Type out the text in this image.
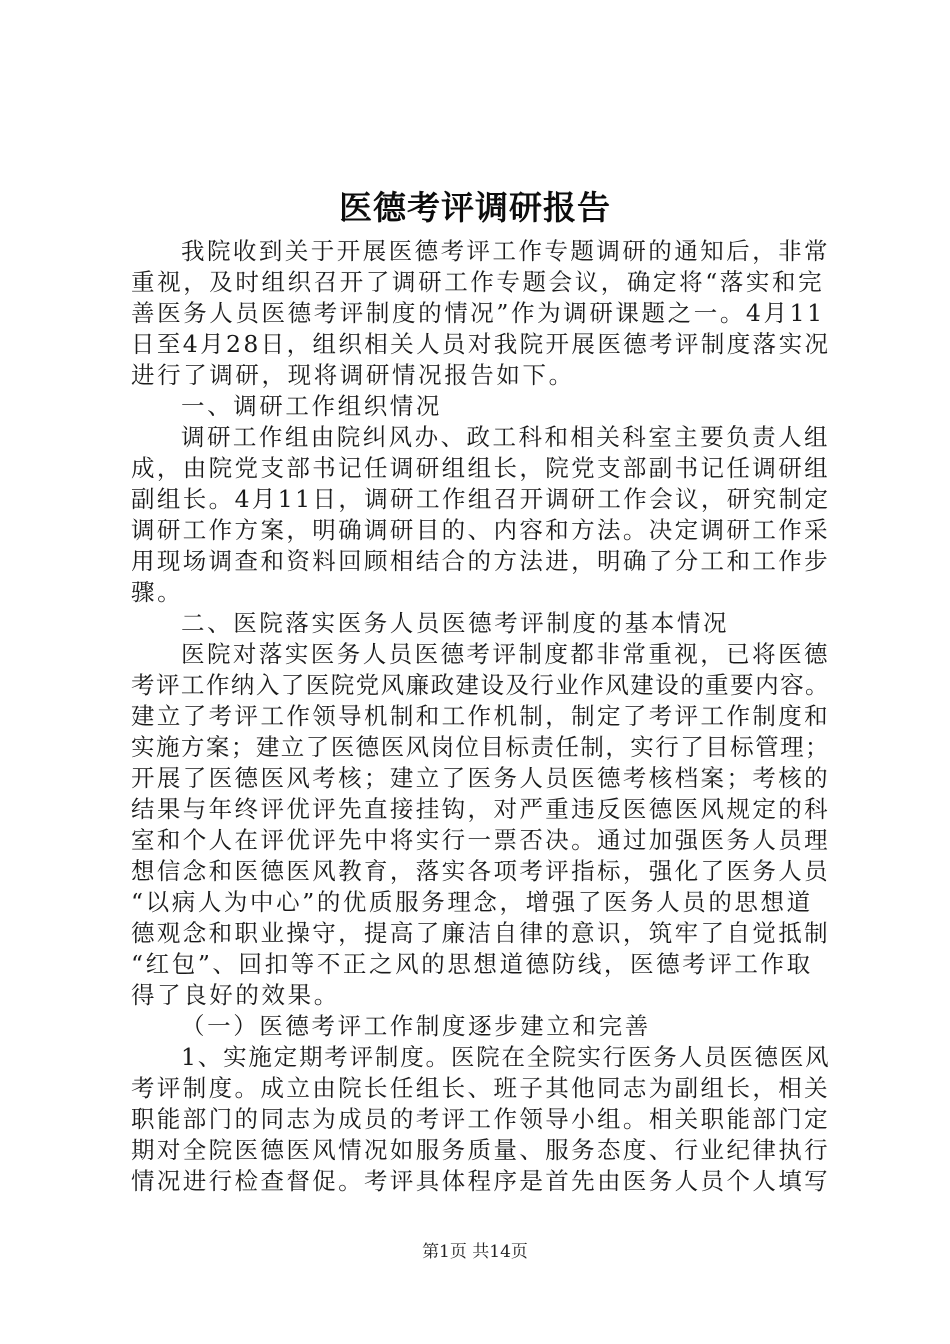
医德考评调研报告
我院收到关于开展医德考评工作专题调研的通知后，非常
重视，及时组织召开了调研工作专题会议，确定将“落实和完
善医务人员医德考评制度的情况”作为调研课题之一。4月11
日至4月28日，组织相关人员对我院开展医德考评制度落实况
进行了调研，现将调研情况报告如下。
一、调研工作组织情况
调研工作组由院纠风办、政工科和相关科室主要负责人组
成，由院党支部书记任调研组组长，院党支部副书记任调研组
副组长。4月11日，调研工作组召开调研工作会议，研究制定
调研工作方案，明确调研目的、内容和方法。决定调研工作采
用现场调查和资料回顾相结合的方法进，明确了分工和工作步
骤。
二、医院落实医务人员医德考评制度的基本情况
医院对落实医务人员医德考评制度都非常重视，已将医德
考评工作纳入了医院党风廉政建设及行业作风建设的重要内容。
建立了考评工作领导机制和工作机制，制定了考评工作制度和
实施方案；建立了医德医风岗位目标责任制，实行了目标管理；
开展了医德医风考核；建立了医务人员医德考核档案；考核的
结果与年终评优评先直接挂钩，对严重违反医德医风规定的科
室和个人在评优评先中将实行一票否决。通过加强医务人员理
想信念和医德医风教育，落实各项考评指标，强化了医务人员
“以病人为中心”的优质服务理念，增强了医务人员的思想道
德观念和职业操守，提高了廉洁自律的意识，筑牢了自觉抵制
“红包”、回扣等不正之风的思想道德防线，医德考评工作取
得了良好的效果。
（一）医德考评工作制度逐步建立和完善
1、实施定期考评制度。医院在全院实行医务人员医德医风
考评制度。成立由院长任组长、班子其他同志为副组长，相关
职能部门的同志为成员的考评工作领导小组。相关职能部门定
期对全院医德医风情况如服务质量、服务态度、行业纪律执行
情况进行检查督促。考评具体程序是首先由医务人员个人填写
第1页 共14页
